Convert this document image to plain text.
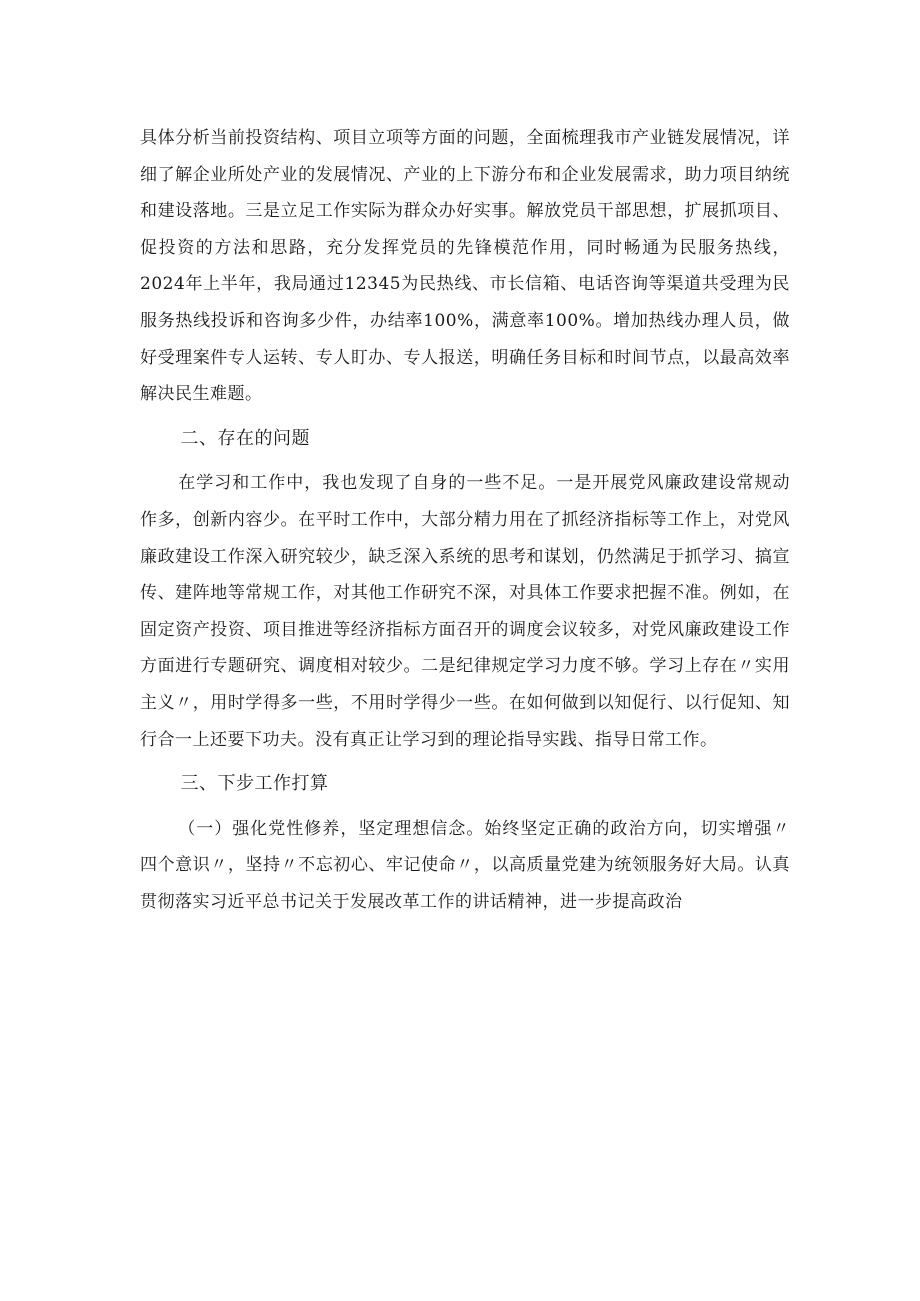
具体分析当前投资结构、项目立项等方面的问题，全面梳理我市产业链发展情况，详细了解企业所处产业的发展情况、产业的上下游分布和企业发展需求，助力项目纳统和建设落地。三是立足工作实际为群众办好实事。解放党员干部思想，扩展抓项目、促投资的方法和思路，充分发挥党员的先锋模范作用，同时畅通为民服务热线，2024年上半年，我局通过12345为民热线、市长信箱、电话咨询等渠道共受理为民服务热线投诉和咨询多少件，办结率100%，满意率100%。增加热线办理人员，做好受理案件专人运转、专人盯办、专人报送，明确任务目标和时间节点，以最高效率解决民生难题。

二、存在的问题

在学习和工作中，我也发现了自身的一些不足。一是开展党风廉政建设常规动作多，创新内容少。在平时工作中，大部分精力用在了抓经济指标等工作上，对党风廉政建设工作深入研究较少，缺乏深入系统的思考和谋划，仍然满足于抓学习、搞宣传、建阵地等常规工作，对其他工作研究不深，对具体工作要求把握不准。例如，在固定资产投资、项目推进等经济指标方面召开的调度会议较多，对党风廉政建设工作方面进行专题研究、调度相对较少。二是纪律规定学习力度不够。学习上存在〃实用主义〃，用时学得多一些，不用时学得少一些。在如何做到以知促行、以行促知、知行合一上还要下功夫。没有真正让学习到的理论指导实践、指导日常工作。

三、下步工作打算

（一）强化党性修养，坚定理想信念。始终坚定正确的政治方向，切实增强〃四个意识〃，坚持〃不忘初心、牢记使命〃，以高质量党建为统领服务好大局。认真贯彻落实习近平总书记关于发展改革工作的讲话精神，进一步提高政治
